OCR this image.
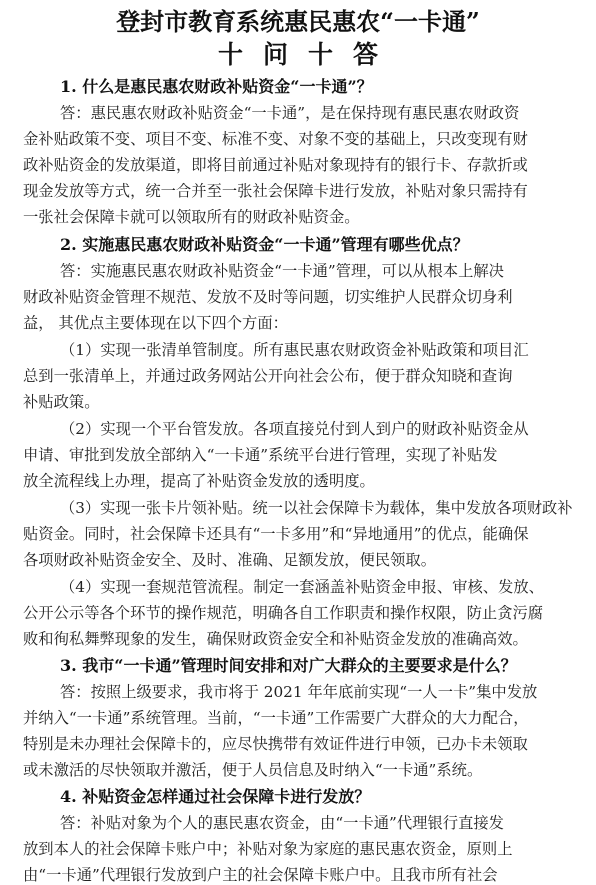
登封市教育系统惠民惠农“一卡通”
十问十答
1. 什么是惠民惠农财政补贴资金“一卡通”？
答：惠民惠农财政补贴资金“一卡通”，是在保持现有惠民惠农财政资
金补贴政策不变、项目不变、标准不变、对象不变的基础上，只改变现有财
政补贴资金的发放渠道，即将目前通过补贴对象现持有的银行卡、存款折或
现金发放等方式，统一合并至一张社会保障卡进行发放，补贴对象只需持有
一张社会保障卡就可以领取所有的财政补贴资金。
2. 实施惠民惠农财政补贴资金“一卡通”管理有哪些优点？
答：实施惠民惠农财政补贴资金“一卡通”管理，可以从根本上解决
财政补贴资金管理不规范、发放不及时等问题，切实维护人民群众切身利
益， 其优点主要体现在以下四个方面：
（1）实现一张清单管制度。所有惠民惠农财政资金补贴政策和项目汇
总到一张清单上，并通过政务网站公开向社会公布，便于群众知晓和查询
补贴政策。
（2）实现一个平台管发放。各项直接兑付到人到户的财政补贴资金从
申请、审批到发放全部纳入“一卡通”系统平台进行管理，实现了补贴发
放全流程线上办理，提高了补贴资金发放的透明度。
（3）实现一张卡片领补贴。统一以社会保障卡为载体，集中发放各项财政补
贴资金。同时，社会保障卡还具有“一卡多用”和“异地通用”的优点，能确保
各项财政补贴资金安全、及时、准确、足额发放，便民领取。
（4）实现一套规范管流程。制定一套涵盖补贴资金申报、审核、发放、
公开公示等各个环节的操作规范，明确各自工作职责和操作权限，防止贪污腐
败和徇私舞弊现象的发生，确保财政资金安全和补贴资金发放的准确高效。
3. 我市“一卡通”管理时间安排和对广大群众的主要要求是什么？
答：按照上级要求，我市将于 2021 年年底前实现“一人一卡”集中发放
并纳入“一卡通”系统管理。当前，“一卡通”工作需要广大群众的大力配合，
特别是未办理社会保障卡的，应尽快携带有效证件进行申领，已办卡未领取
或未激活的尽快领取并激活，便于人员信息及时纳入“一卡通”系统。
4. 补贴资金怎样通过社会保障卡进行发放？
答：补贴对象为个人的惠民惠农资金，由“一卡通”代理银行直接发
放到本人的社会保障卡账户中；补贴对象为家庭的惠民惠农资金，原则上
由“一卡通”代理银行发放到户主的社会保障卡账户中。且我市所有社会
